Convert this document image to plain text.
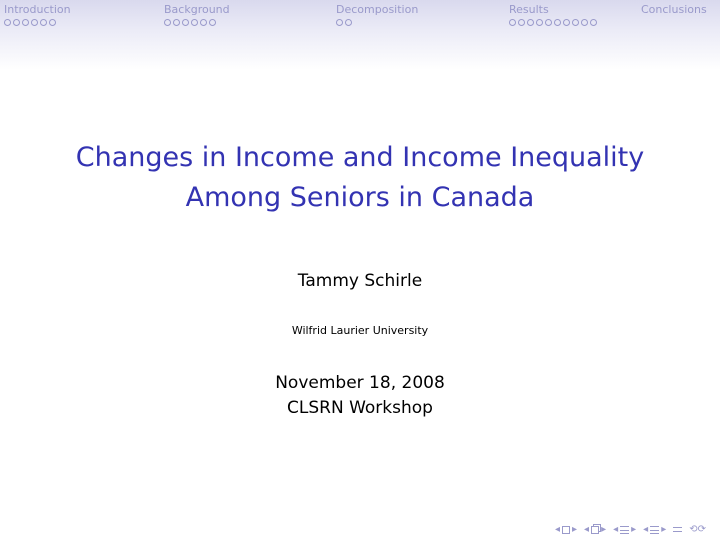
Introduction	Background	Decomposition	Results	Conclusions
Changes in Income and Income Inequality
Among Seniors in Canada
Tammy Schirle
Wilfrid Laurier University
November 18, 2008
CLSRN Workshop
◂ ▸ ◂ ▸ ◂ ▸ ◂ ▸ ⟲⟳
